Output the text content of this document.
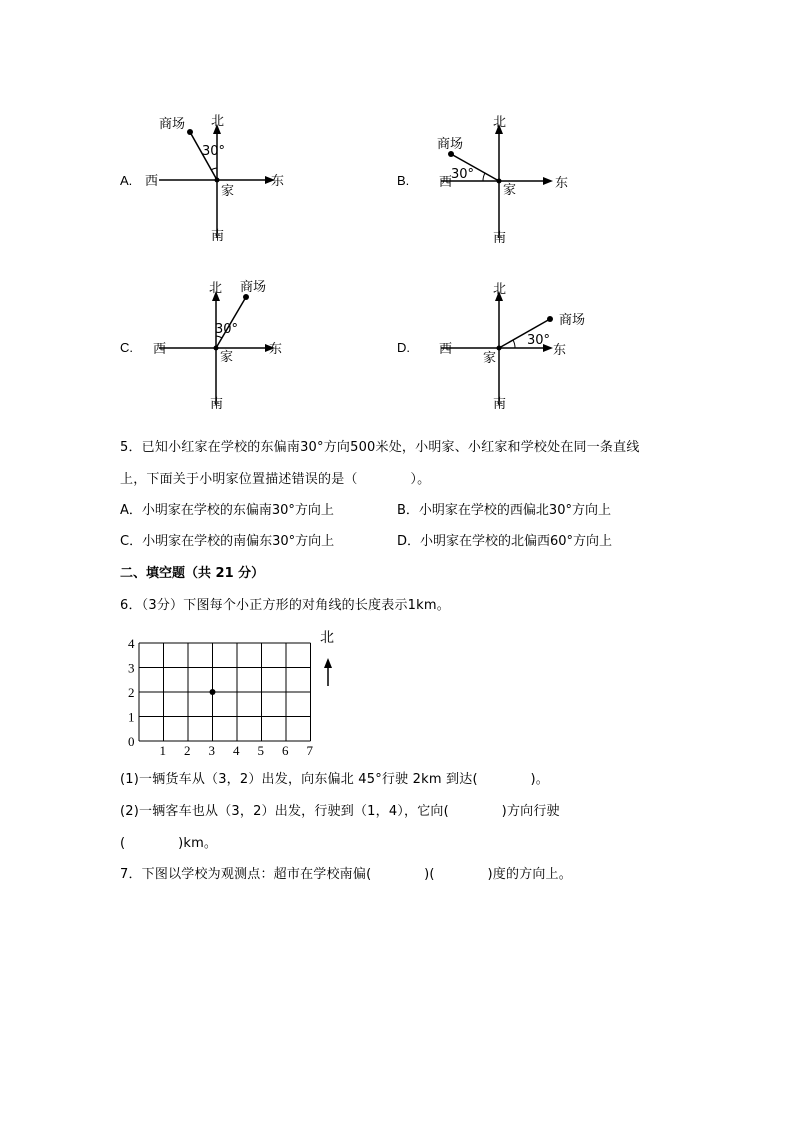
A.
北
南
东
西
家
商场
30°
B.
北
南
东
西
家
商场
30°
C.
北
南
东
西
家
商场
30°
D.
北
南
东
西
家
商场
30°
5．已知小红家在学校的东偏南30°方向500米处，小明家、小红家和学校处在同一条直线
上，下面关于小明家位置描述错误的是（　　　　）。
A．小明家在学校的东偏南30°方向上	B．小明家在学校的西偏北30°方向上
C．小明家在学校的南偏东30°方向上	D．小明家在学校的北偏西60°方向上
二、填空题（共 21 分）
6．（3分）下图每个小正方形的对角线的长度表示1km。
1 2 3 4 5 6 7
1
2
3
4
0
北
(1)一辆货车从（3，2）出发，向东偏北 45°行驶 2km 到达(　　　　)。
(2)一辆客车也从（3，2）出发，行驶到（1，4），它向(　　　　)方向行驶
(　　　　)km。
7．下图以学校为观测点：超市在学校南偏(　　　　)(　　　　)度的方向上。
